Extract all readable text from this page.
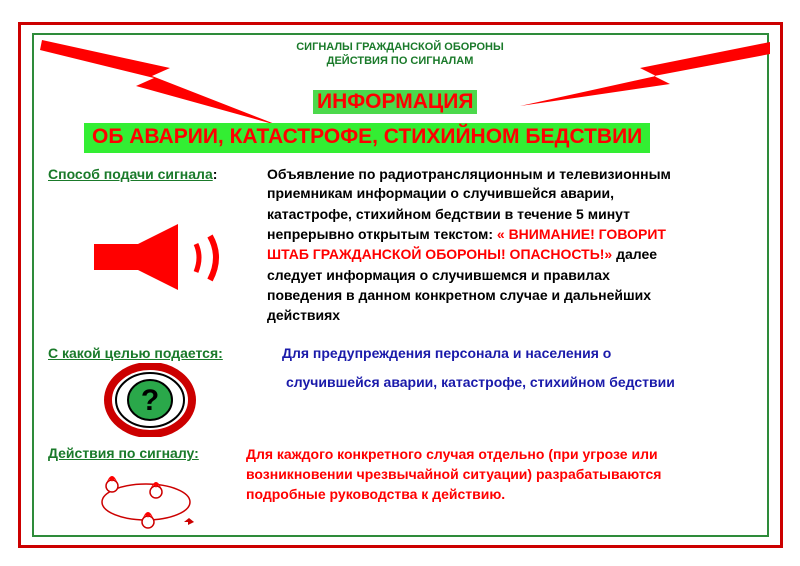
СИГНАЛЫ ГРАЖДАНСКОЙ ОБОРОНЫ
ДЕЙСТВИЯ ПО СИГНАЛАМ
ИНФОРМАЦИЯ
ОБ АВАРИИ, КАТАСТРОФЕ, СТИХИЙНОМ БЕДСТВИИ
Способ подачи сигнала:	Объявление по радиотрансляционным и телевизионным
приемникам информации о случившейся аварии,
катастрофе, стихийном бедствии в течение 5 минут
непрерывно открытым текстом: « ВНИМАНИЕ! ГОВОРИТ
ШТАБ ГРАЖДАНСКОЙ ОБОРОНЫ! ОПАСНОСТЬ!» далее
следует информация о случившемся и правилах
поведения в данном конкретном случае и дальнейших
действиях
С какой целью подается:	Для предупреждения персонала и населения о
случившейся аварии, катастрофе, стихийном бедствии
?
Действия по сигналу:	Для каждого конкретного случая отдельно (при угрозе или
возникновении чрезвычайной ситуации) разрабатываются
подробные руководства к действию.
